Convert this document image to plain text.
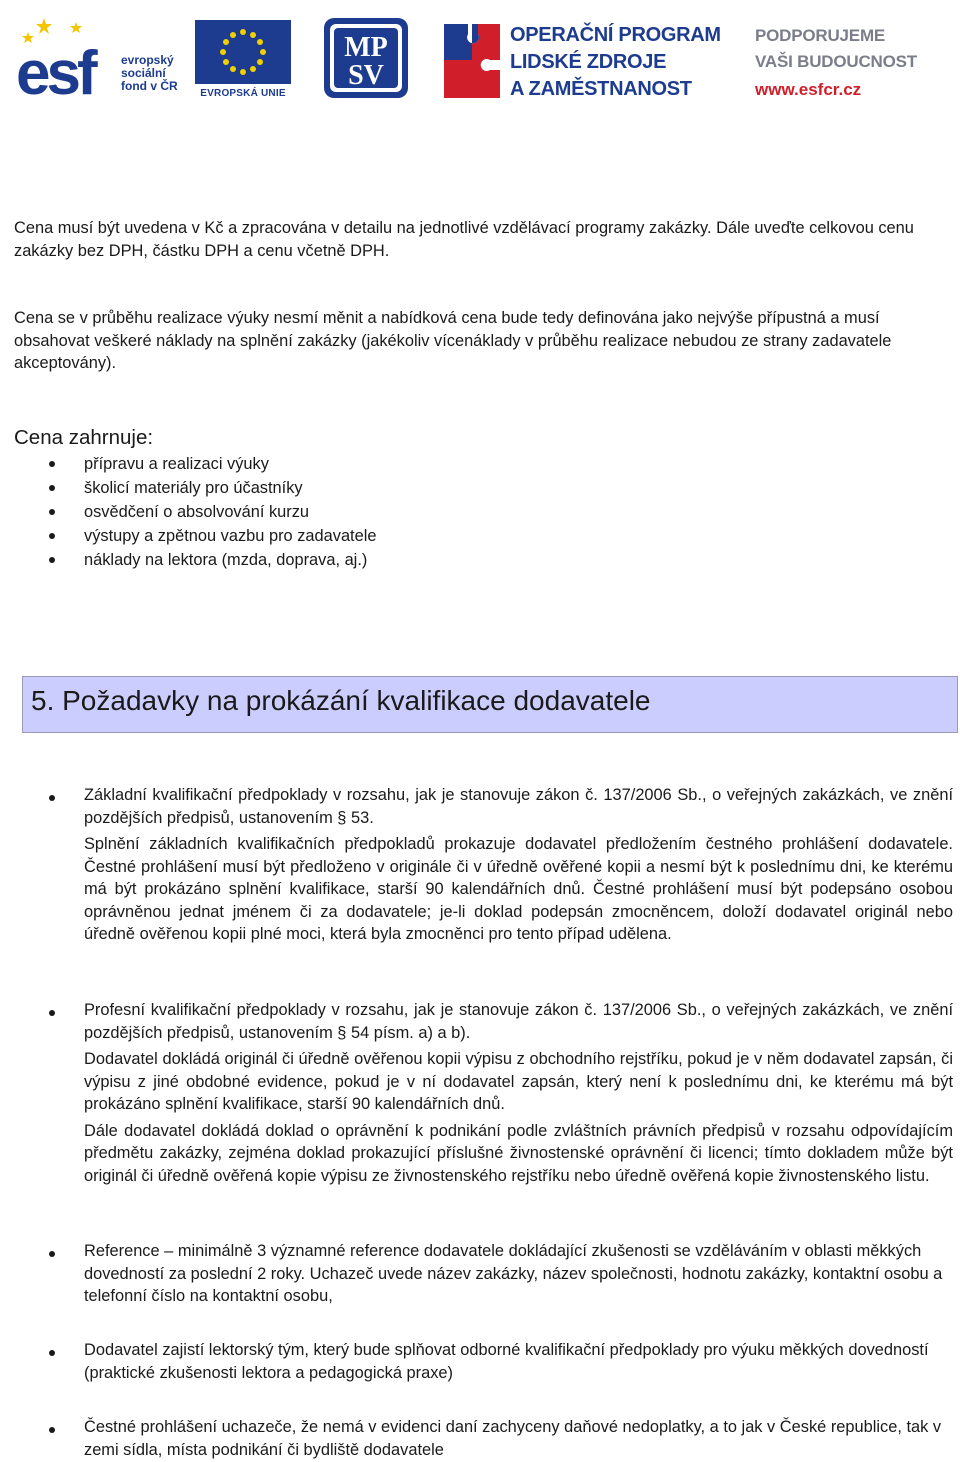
esf	evropský
sociální
fond v ČR
EVROPSKÁ UNIE
MP
SV
OPERAČNÍ PROGRAM
LIDSKÉ ZDROJE
A ZAMĚSTNANOST
PODPORUJEME
VAŠI BUDOUCNOST
www.esfcr.cz
Cena musí být uvedena v Kč a zpracována v detailu na jednotlivé vzdělávací programy zakázky. Dále uveďte celkovou cenu zakázky bez DPH, částku DPH a cenu včetně DPH.
Cena se v průběhu realizace výuky nesmí měnit a nabídková cena bude tedy definována jako nejvýše přípustná a musí obsahovat veškeré náklady na splnění zakázky (jakékoliv vícenáklady v průběhu realizace nebudou ze strany zadavatele akceptovány).
Cena zahrnuje:
přípravu a realizaci výuky
školicí materiály pro účastníky
osvědčení o absolvování kurzu
výstupy a zpětnou vazbu pro zadavatele
náklady na lektora (mzda, doprava, aj.)
5. Požadavky na prokázání kvalifikace dodavatele

Základní kvalifikační předpoklady v rozsahu, jak je stanovuje zákon č. 137/2006 Sb., o veřejných zakázkách, ve znění pozdějších předpisů, ustanovením § 53.

Splnění základních kvalifikačních předpokladů prokazuje dodavatel předložením čestného prohlášení dodavatele. Čestné prohlášení musí být předloženo v originále či v úředně ověřené kopii a nesmí být k poslednímu dni, ke kterému má být prokázáno splnění kvalifikace, starší 90 kalendářních dnů. Čestné prohlášení musí být podepsáno osobou oprávněnou jednat jménem či za dodavatele; je-li doklad podepsán zmocněncem, doloží dodavatel originál nebo úředně ověřenou kopii plné moci, která byla zmocněnci pro tento případ udělena.

Profesní kvalifikační předpoklady v rozsahu, jak je stanovuje zákon č. 137/2006 Sb., o veřejných zakázkách, ve znění pozdějších předpisů, ustanovením § 54 písm. a) a b).

Dodavatel dokládá originál či úředně ověřenou kopii výpisu z obchodního rejstříku, pokud je v něm dodavatel zapsán, či výpisu z jiné obdobné evidence, pokud je v ní dodavatel zapsán, který není k poslednímu dni, ke kterému má být prokázáno splnění kvalifikace, starší 90 kalendářních dnů.

Dále dodavatel dokládá doklad o oprávnění k podnikání podle zvláštních právních předpisů v rozsahu odpovídajícím předmětu zakázky, zejména doklad prokazující příslušné živnostenské oprávnění či licenci; tímto dokladem může být originál či úředně ověřená kopie výpisu ze živnostenského rejstříku nebo úředně ověřená kopie živnostenského listu.

Reference – minimálně 3 významné reference dodavatele dokládající zkušenosti se vzděláváním v oblasti měkkých dovedností za poslední 2 roky. Uchazeč uvede název zakázky, název společnosti, hodnotu zakázky, kontaktní osobu a telefonní číslo na kontaktní osobu,

Dodavatel zajistí lektorský tým, který bude splňovat odborné kvalifikační předpoklady pro výuku měkkých dovedností (praktické zkušenosti lektora a pedagogická praxe)

Čestné prohlášení uchazeče, že nemá v evidenci daní zachyceny daňové nedoplatky, a to jak v České republice, tak v zemi sídla, místa podnikání či bydliště dodavatele
